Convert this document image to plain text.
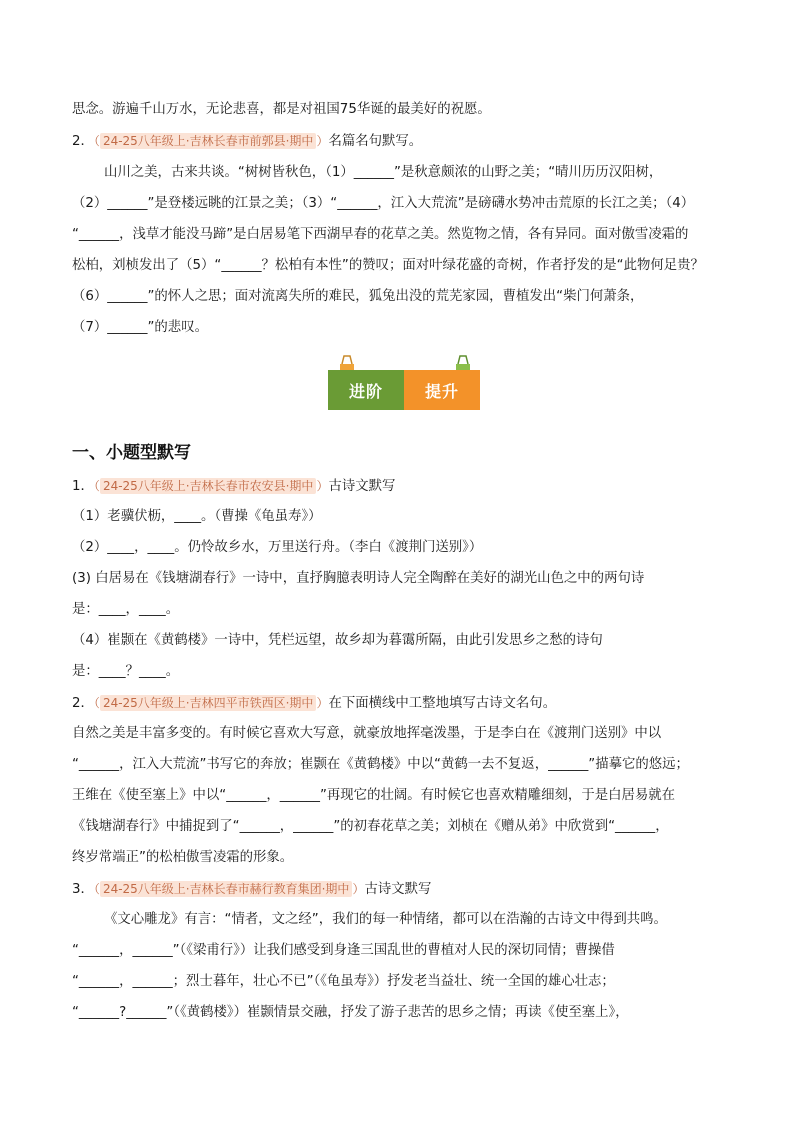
思念。游遍千山万水，无论悲喜，都是对祖国75华诞的最美好的祝愿。
2．（ 24-25八年级上·吉林长春市前郭县·期中 ）名篇名句默写。
山川之美，古来共谈。“树树皆秋色，（1）______”是秋意颇浓的山野之美；“晴川历历汉阳树，
（2）______”是登楼远眺的江景之美；（3）“______，江入大荒流”是磅礴水势冲击荒原的长江之美；（4）
“______，浅草才能没马蹄”是白居易笔下西湖早春的花草之美。然览物之情，各有异同。面对傲雪凌霜的
松柏，刘桢发出了（5）“______？松柏有本性”的赞叹；面对叶绿花盛的奇树，作者抒发的是“此物何足贵？
（6）______”的怀人之思；面对流离失所的难民，狐兔出没的荒芜家园，曹植发出“柴门何萧条，
（7）______”的悲叹。
进阶	提升
一、小题型默写
1．（ 24-25八年级上·吉林长春市农安县·期中 ）古诗文默写
（1）老骥伏枥，____。（曹操《龟虽寿》）
（2）____，____。仍怜故乡水，万里送行舟。（李白《渡荆门送别》）
(3) 白居易在《钱塘湖春行》一诗中，直抒胸臆表明诗人完全陶醉在美好的湖光山色之中的两句诗
是：____，____。
（4）崔颢在《黄鹤楼》一诗中，凭栏远望，故乡却为暮霭所隔，由此引发思乡之愁的诗句
是：____？____。
2．（ 24-25八年级上·吉林四平市铁西区·期中 ）在下面横线中工整地填写古诗文名句。
自然之美是丰富多变的。有时候它喜欢大写意，就豪放地挥毫泼墨，于是李白在《渡荆门送别》中以
“______，江入大荒流”书写它的奔放；崔颢在《黄鹤楼》中以“黄鹤一去不复返，______”描摹它的悠远；
王维在《使至塞上》中以“______，______”再现它的壮阔。有时候它也喜欢精雕细刻，于是白居易就在
《钱塘湖春行》中捕捉到了“______，______”的初春花草之美；刘桢在《赠从弟》中欣赏到“______，
终岁常端正”的松柏傲雪凌霜的形象。
3．（ 24-25八年级上·吉林长春市赫行教育集团·期中 ）古诗文默写
《文心雕龙》有言：“情者，文之经”，我们的每一种情绪，都可以在浩瀚的古诗文中得到共鸣。
“______，______”（《梁甫行》）让我们感受到身逢三国乱世的曹植对人民的深切同情；曹操借
“______，______；烈士暮年，壮心不已”（《龟虽寿》）抒发老当益壮、统一全国的雄心壮志；
“______?______”（《黄鹤楼》）崔颢情景交融，抒发了游子悲苦的思乡之情；再读《使至塞上》，
